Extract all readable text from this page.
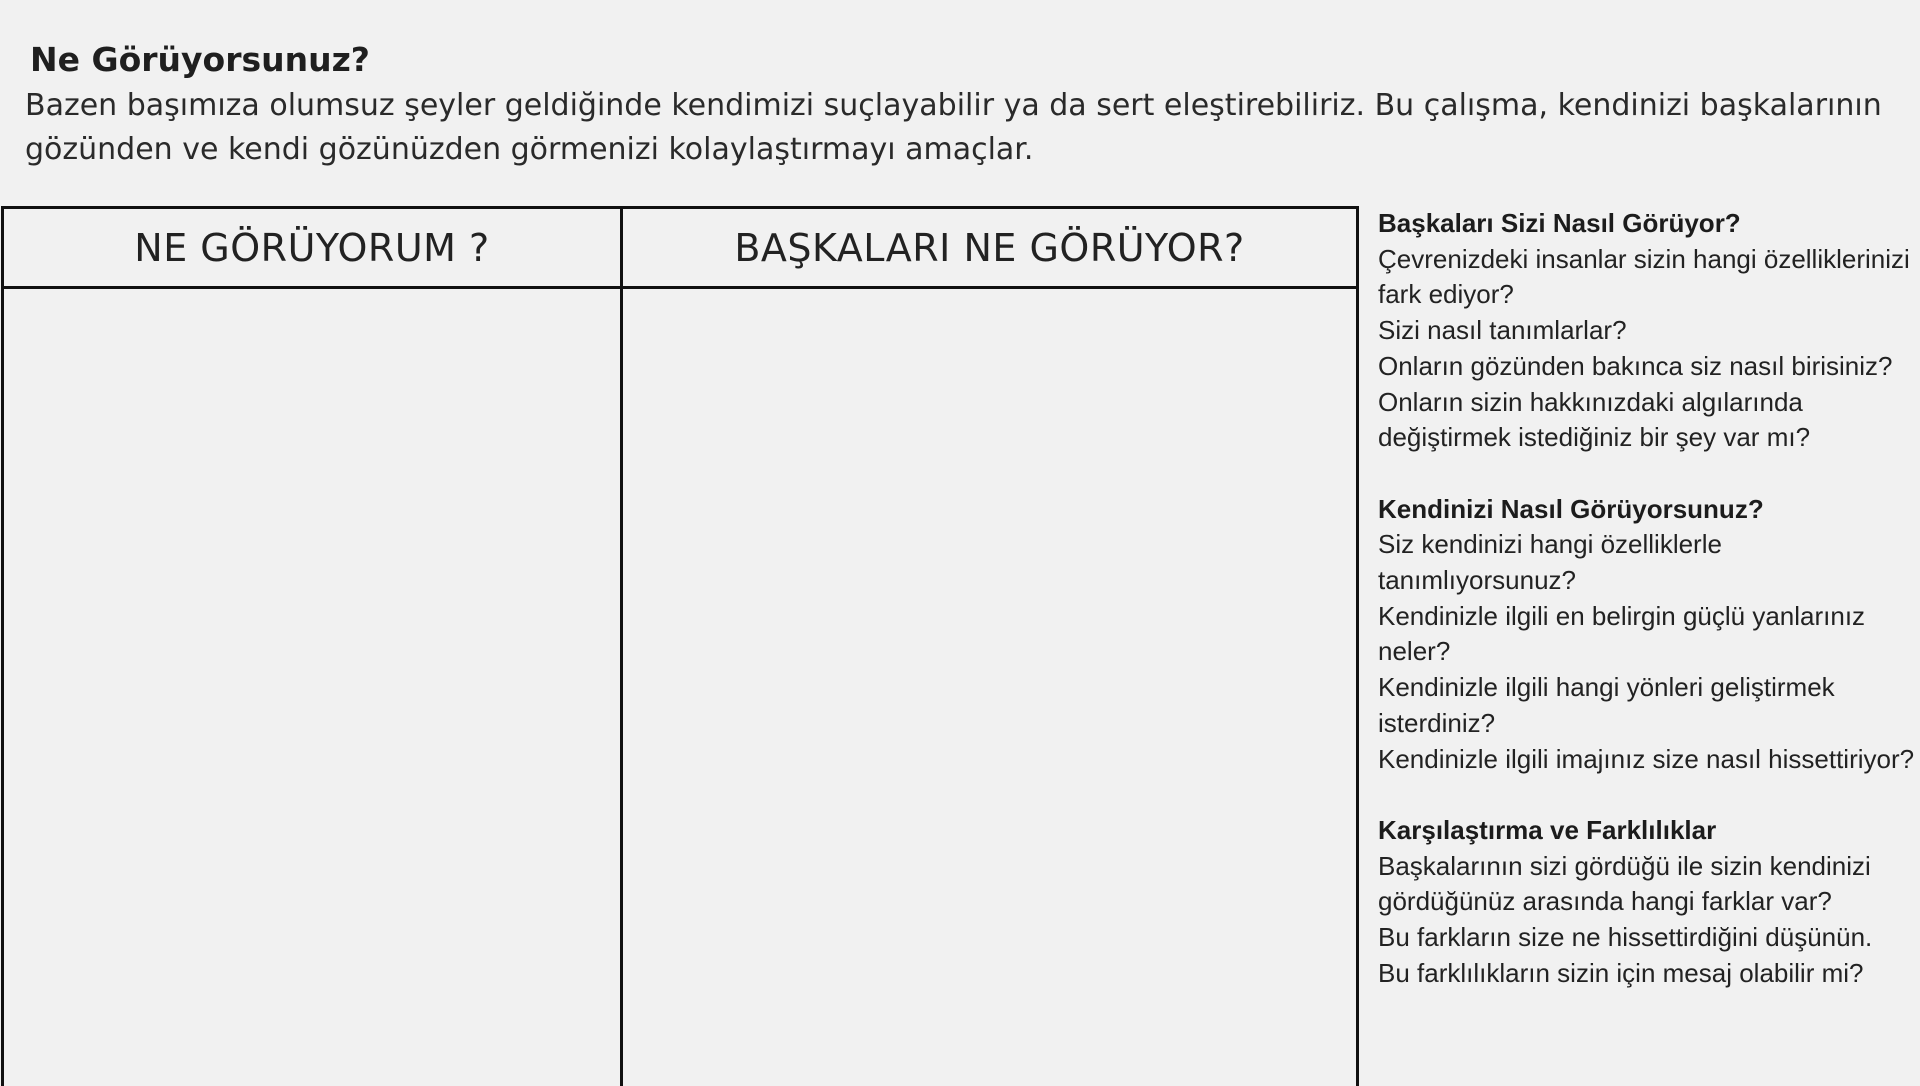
Ne Görüyorsunuz?

Bazen başımıza olumsuz şeyler geldiğinde kendimizi suçlayabilir ya da sert eleştirebiliriz. Bu çalışma, kendinizi başkalarının gözünden ve kendi gözünüzden görmenizi kolaylaştırmayı amaçlar.

NE GÖRÜYORUM ?	BAŞKALARI NE GÖRÜYOR?
Başkaları Sizi Nasıl Görüyor?
Çevrenizdeki insanlar sizin hangi özelliklerinizi fark ediyor?
Sizi nasıl tanımlarlar?
Onların gözünden bakınca siz nasıl birisiniz?
Onların sizin hakkınızdaki algılarında değiştirmek istediğiniz bir şey var mı?
Kendinizi Nasıl Görüyorsunuz?
Siz kendinizi hangi özelliklerle tanımlıyorsunuz?
Kendinizle ilgili en belirgin güçlü yanlarınız neler?
Kendinizle ilgili hangi yönleri geliştirmek isterdiniz?
Kendinizle ilgili imajınız size nasıl hissettiriyor?
Karşılaştırma ve Farklılıklar
Başkalarının sizi gördüğü ile sizin kendinizi gördüğünüz arasında hangi farklar var?
Bu farkların size ne hissettirdiğini düşünün.
Bu farklılıkların sizin için mesaj olabilir mi?
